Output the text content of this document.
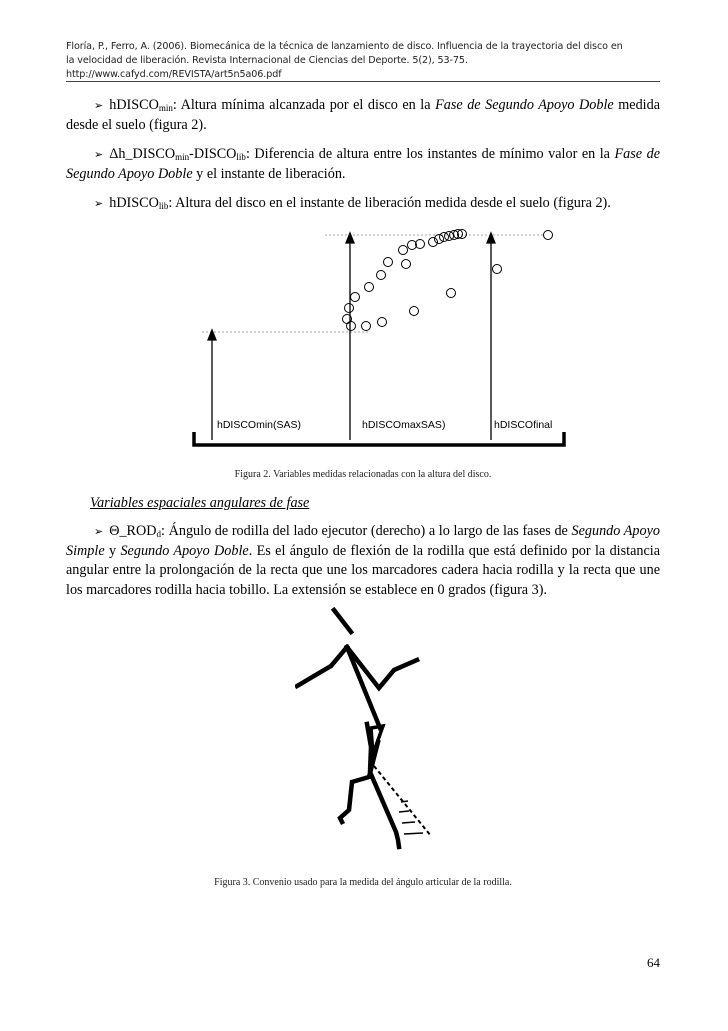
Floría, P., Ferro, A. (2006). Biomecánica de la técnica de lanzamiento de disco. Influencia de la trayectoria del disco en
la velocidad de liberación. Revista Internacional de Ciencias del Deporte. 5(2), 53-75.
http://www.cafyd.com/REVISTA/art5n5a06.pdf
➢ hDISCO$_{min}$: Altura mínima alcanzada por el disco en la Fase de Segundo Apoyo Doble medida desde el suelo (figura 2).
➢ $\Delta h\_DISCO_{min}-DISCO_{lib}$: Diferencia de altura entre los instantes de mínimo valor en la Fase de Segundo Apoyo Doble y el instante de liberación.
➢ hDISCO$_{lib}$: Altura del disco en el instante de liberación medida desde el suelo (figura 2).
hDISCOmin(SAS)	hDISCOmaxSAS)	hDISCOfinal
Figura 2. Variables medidas relacionadas con la altura del disco.
Variables espaciales angulares de fase
➢ $\Theta\_ROD_d$: Ángulo de rodilla del lado ejecutor (derecho) a lo largo de las fases de Segundo Apoyo Simple y Segundo Apoyo Doble. Es el ángulo de flexión de la rodilla que está definido por la distancia angular entre la prolongación de la recta que une los marcadores cadera hacia rodilla y la recta que une los marcadores rodilla hacia tobillo. La extensión se establece en 0 grados (figura 3).
Figura 3. Convenio usado para la medida del ángulo articular de la rodilla.
64
